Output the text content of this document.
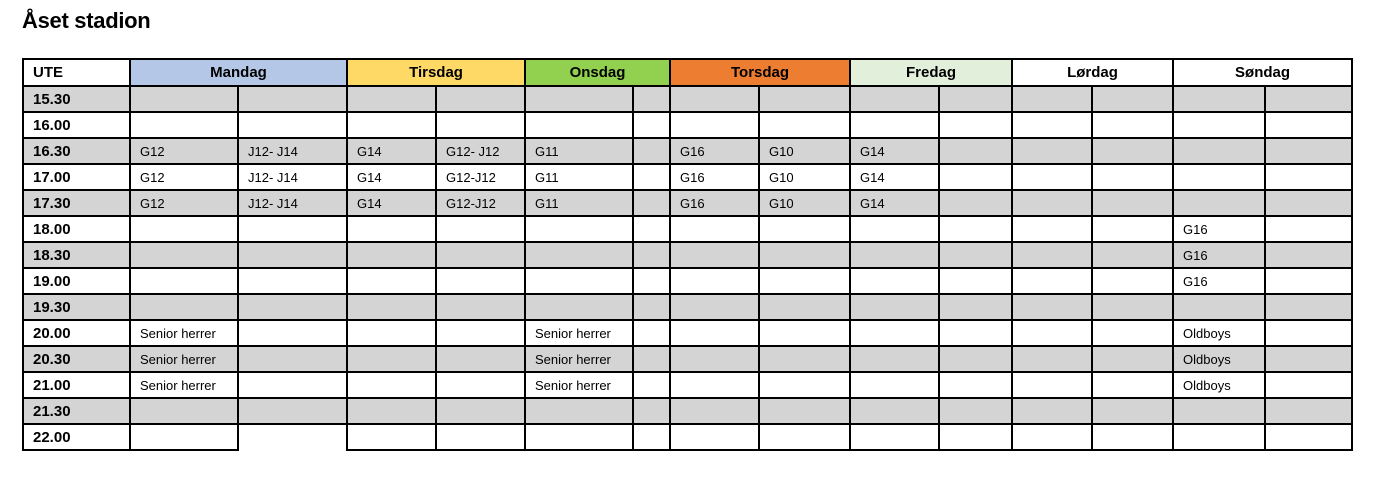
Åset stadion
UTE	Mandag		Tirsdag		Onsdag		Torsdag		Fredag		Lørdag		Søndag	
15.30														
16.00														
16.30	G12	J12- J14	G14	G12- J12	G11		G16	G10	G14					
17.00	G12	J12- J14	G14	G12-J12	G11		G16	G10	G14					
17.30	G12	J12- J14	G14	G12-J12	G11		G16	G10	G14					
18.00													G16	
18.30													G16	
19.00													G16	
19.30														
20.00	Senior herrer				Senior herrer								Oldboys	
20.30	Senior herrer				Senior herrer								Oldboys	
21.00	Senior herrer				Senior herrer								Oldboys	
21.30														
22.00														
